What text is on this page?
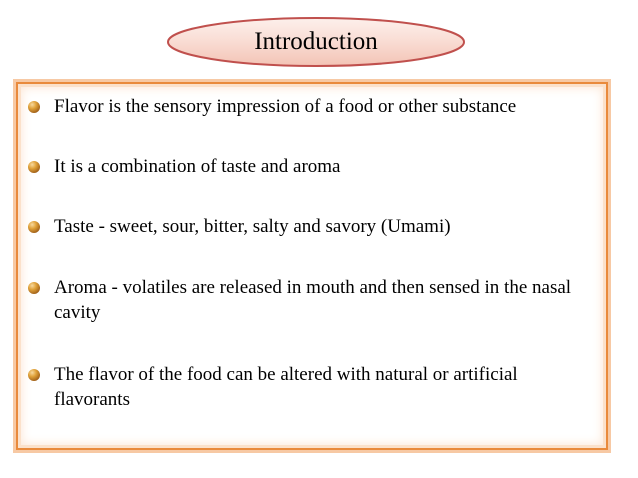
Introduction
Flavor is the sensory impression of a food or other substance
It is a combination of taste and aroma
Taste - sweet, sour, bitter, salty and savory (Umami)
Aroma - volatiles are released in mouth and then sensed in the nasal cavity
The flavor of the food can be altered with natural or artificial flavorants
